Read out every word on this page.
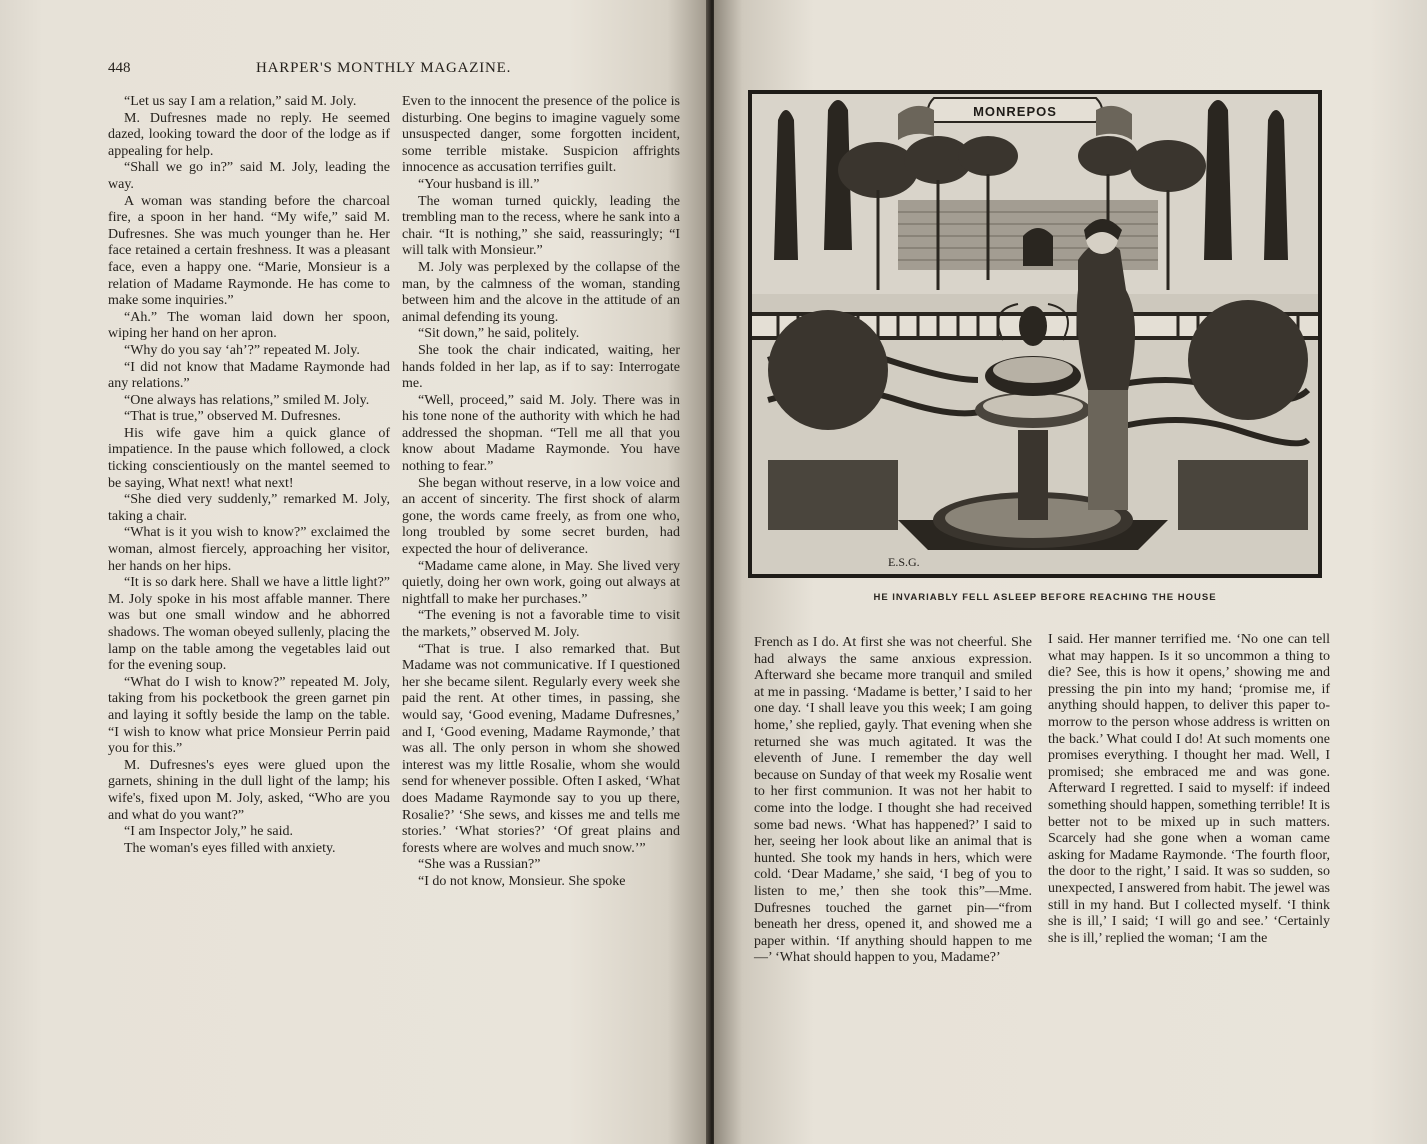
448	HARPER'S MONTHLY MAGAZINE.

“Let us say I am a relation,” said M. Joly.

M. Dufresnes made no reply. He seemed dazed, looking toward the door of the lodge as if appealing for help.

“Shall we go in?” said M. Joly, leading the way.

A woman was standing before the charcoal fire, a spoon in her hand. “My wife,” said M. Dufresnes. She was much younger than he. Her face retained a certain freshness. It was a pleasant face, even a happy one. “Marie, Monsieur is a relation of Madame Raymonde. He has come to make some inquiries.”

“Ah.” The woman laid down her spoon, wiping her hand on her apron.

“Why do you say ‘ah’?” repeated M. Joly.

“I did not know that Madame Raymonde had any relations.”

“One always has relations,” smiled M. Joly.

“That is true,” observed M. Dufresnes.

His wife gave him a quick glance of impatience. In the pause which followed, a clock ticking conscientiously on the mantel seemed to be saying, What next! what next!

“She died very suddenly,” remarked M. Joly, taking a chair.

“What is it you wish to know?” exclaimed the woman, almost fiercely, approaching her visitor, her hands on her hips.

“It is so dark here. Shall we have a little light?” M. Joly spoke in his most affable manner. There was but one small window and he abhorred shadows. The woman obeyed sullenly, placing the lamp on the table among the vegetables laid out for the evening soup.

“What do I wish to know?” repeated M. Joly, taking from his pocketbook the green garnet pin and laying it softly beside the lamp on the table. “I wish to know what price Monsieur Perrin paid you for this.”

M. Dufresnes's eyes were glued upon the garnets, shining in the dull light of the lamp; his wife's, fixed upon M. Joly, asked, “Who are you and what do you want?”

“I am Inspector Joly,” he said.

The woman's eyes filled with anxiety.

Even to the innocent the presence of the police is disturbing. One begins to imagine vaguely some unsuspected danger, some forgotten incident, some terrible mistake. Suspicion affrights innocence as accusation terrifies guilt.

“Your husband is ill.”

The woman turned quickly, leading the trembling man to the recess, where he sank into a chair. “It is nothing,” she said, reassuringly; “I will talk with Monsieur.”

M. Joly was perplexed by the collapse of the man, by the calmness of the woman, standing between him and the alcove in the attitude of an animal defending its young.

“Sit down,” he said, politely.

She took the chair indicated, waiting, her hands folded in her lap, as if to say: Interrogate me.

“Well, proceed,” said M. Joly. There was in his tone none of the authority with which he had addressed the shopman. “Tell me all that you know about Madame Raymonde. You have nothing to fear.”

She began without reserve, in a low voice and an accent of sincerity. The first shock of alarm gone, the words came freely, as from one who, long troubled by some secret burden, had expected the hour of deliverance.

“Madame came alone, in May. She lived very quietly, doing her own work, going out always at nightfall to make her purchases.”

“The evening is not a favorable time to visit the markets,” observed M. Joly.

“That is true. I also remarked that. But Madame was not communicative. If I questioned her she became silent. Regularly every week she paid the rent. At other times, in passing, she would say, ‘Good evening, Madame Dufresnes,’ and I, ‘Good evening, Madame Raymonde,’ that was all. The only person in whom she showed interest was my little Rosalie, whom she would send for whenever possible. Often I asked, ‘What does Madame Raymonde say to you up there, Rosalie?’ ‘She sews, and kisses me and tells me stories.’ ‘What stories?’ ‘Of great plains and forests where are wolves and much snow.’”

“She was a Russian?”

“I do not know, Monsieur. She spoke

MONREPOS
E.S.G.
HE INVARIABLY FELL ASLEEP BEFORE REACHING THE HOUSE

French as I do. At first she was not cheerful. She had always the same anxious expression. Afterward she became more tranquil and smiled at me in passing. ‘Madame is better,’ I said to her one day. ‘I shall leave you this week; I am going home,’ she replied, gayly. That evening when she returned she was much agitated. It was the eleventh of June. I remember the day well because on Sunday of that week my Rosalie went to her first communion. It was not her habit to come into the lodge. I thought she had received some bad news. ‘What has happened?’ I said to her, seeing her look about like an animal that is hunted. She took my hands in hers, which were cold. ‘Dear Madame,’ she said, ‘I beg of you to listen to me,’ then she took this”—Mme. Dufresnes touched the garnet pin—“from beneath her dress, opened it, and showed me a paper within. ‘If anything should happen to me—’ ‘What should happen to you, Madame?’

I said. Her manner terrified me. ‘No one can tell what may happen. Is it so uncommon a thing to die? See, this is how it opens,’ showing me and pressing the pin into my hand; ‘promise me, if anything should happen, to deliver this paper to-morrow to the person whose address is written on the back.’ What could I do! At such moments one promises everything. I thought her mad. Well, I promised; she embraced me and was gone. Afterward I regretted. I said to myself: if indeed something should happen, something terrible! It is better not to be mixed up in such matters. Scarcely had she gone when a woman came asking for Madame Raymonde. ‘The fourth floor, the door to the right,’ I said. It was so sudden, so unexpected, I answered from habit. The jewel was still in my hand. But I collected myself. ‘I think she is ill,’ I said; ‘I will go and see.’ ‘Certainly she is ill,’ replied the woman; ‘I am the
